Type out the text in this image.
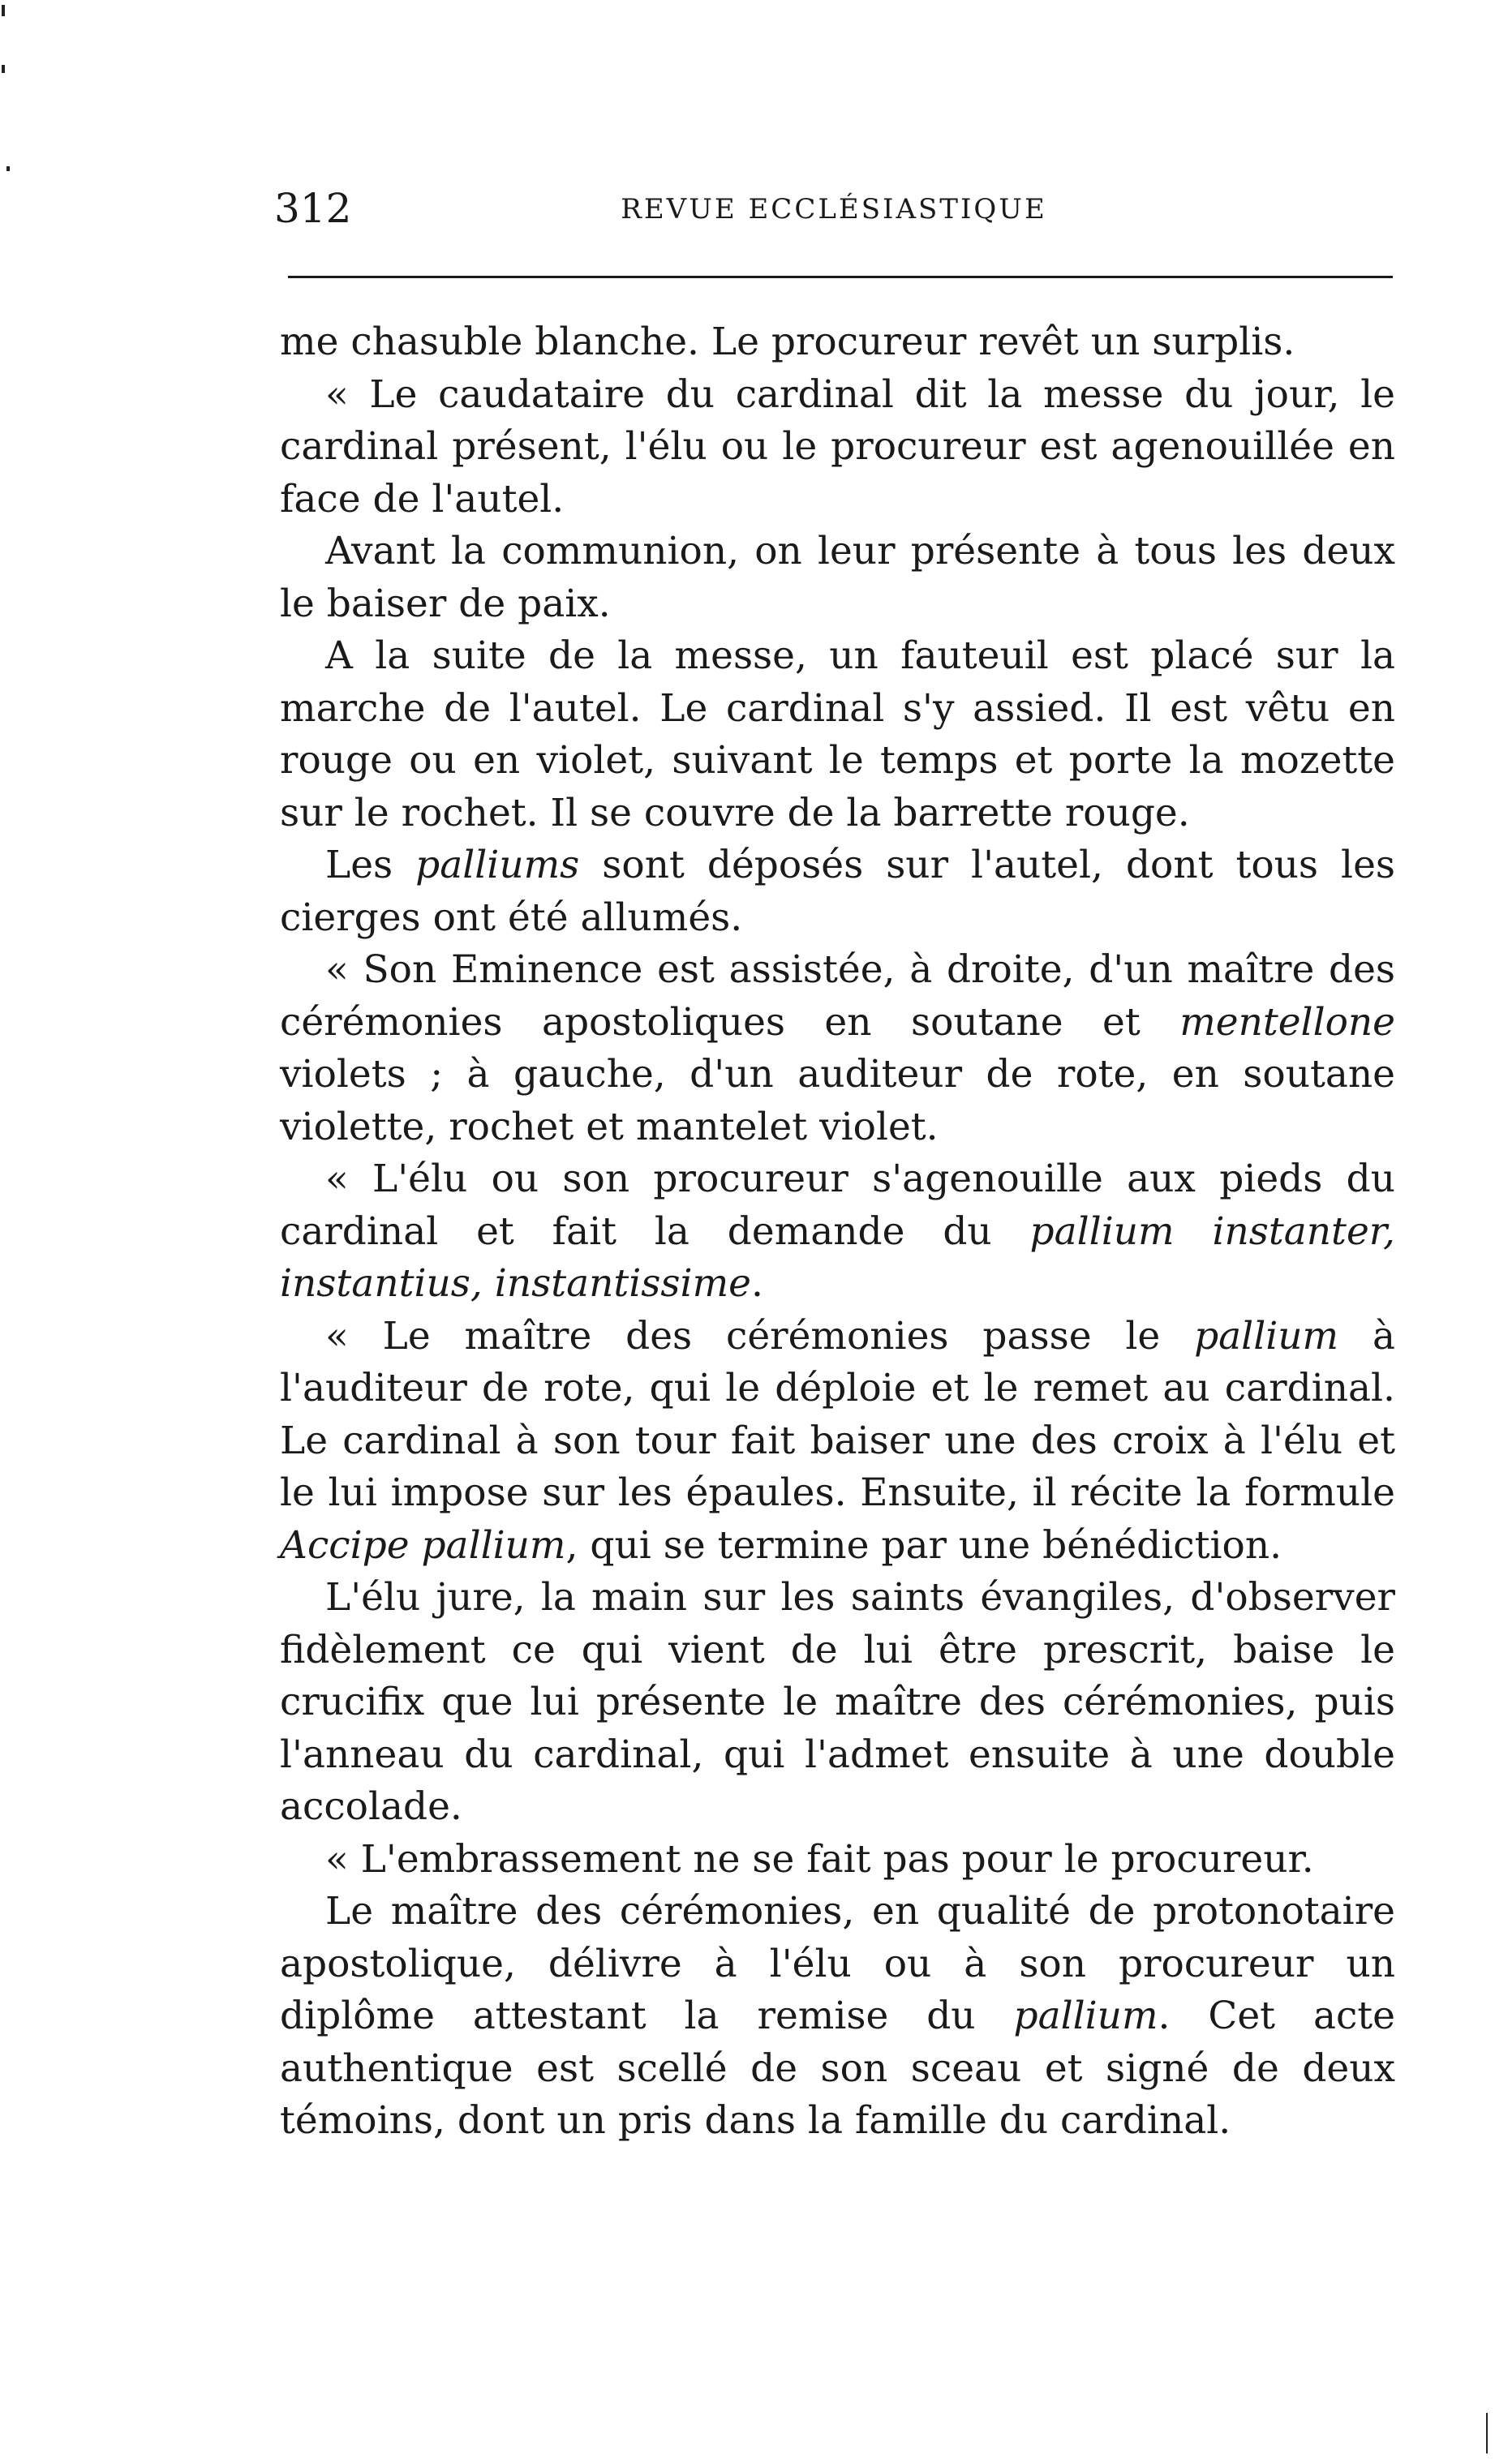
312	REVUE ECCLÉSIASTIQUE

me chasuble blanche. Le procureur revêt un surplis.

« Le caudataire du cardinal dit la messe du jour, le cardinal présent, l'élu ou le procureur est agenouillée en face de l'autel.

Avant la communion, on leur présente à tous les deux le baiser de paix.

A la suite de la messe, un fauteuil est placé sur la marche de l'autel. Le cardinal s'y assied. Il est vêtu en rouge ou en violet, suivant le temps et porte la mozette sur le rochet. Il se couvre de la barrette rouge.

Les palliums sont déposés sur l'autel, dont tous les cierges ont été allumés.

« Son Eminence est assistée, à droite, d'un maître des cérémonies apostoliques en soutane et mentellone violets ; à gauche, d'un auditeur de rote, en soutane violette, rochet et mantelet violet.

« L'élu ou son procureur s'agenouille aux pieds du cardinal et fait la demande du pallium instanter, instantius, instantissime.

« Le maître des cérémonies passe le pallium à l'auditeur de rote, qui le déploie et le remet au cardinal. Le cardinal à son tour fait baiser une des croix à l'élu et le lui impose sur les épaules. Ensuite, il récite la formule Accipe pallium, qui se termine par une bénédiction.

L'élu jure, la main sur les saints évangiles, d'observer fidèlement ce qui vient de lui être prescrit, baise le crucifix que lui présente le maître des cérémonies, puis l'anneau du cardinal, qui l'admet ensuite à une double accolade.

« L'embrassement ne se fait pas pour le procureur.

Le maître des cérémonies, en qualité de protonotaire apostolique, délivre à l'élu ou à son procureur un diplôme attestant la remise du pallium. Cet acte authentique est scellé de son sceau et signé de deux témoins, dont un pris dans la famille du cardinal.
